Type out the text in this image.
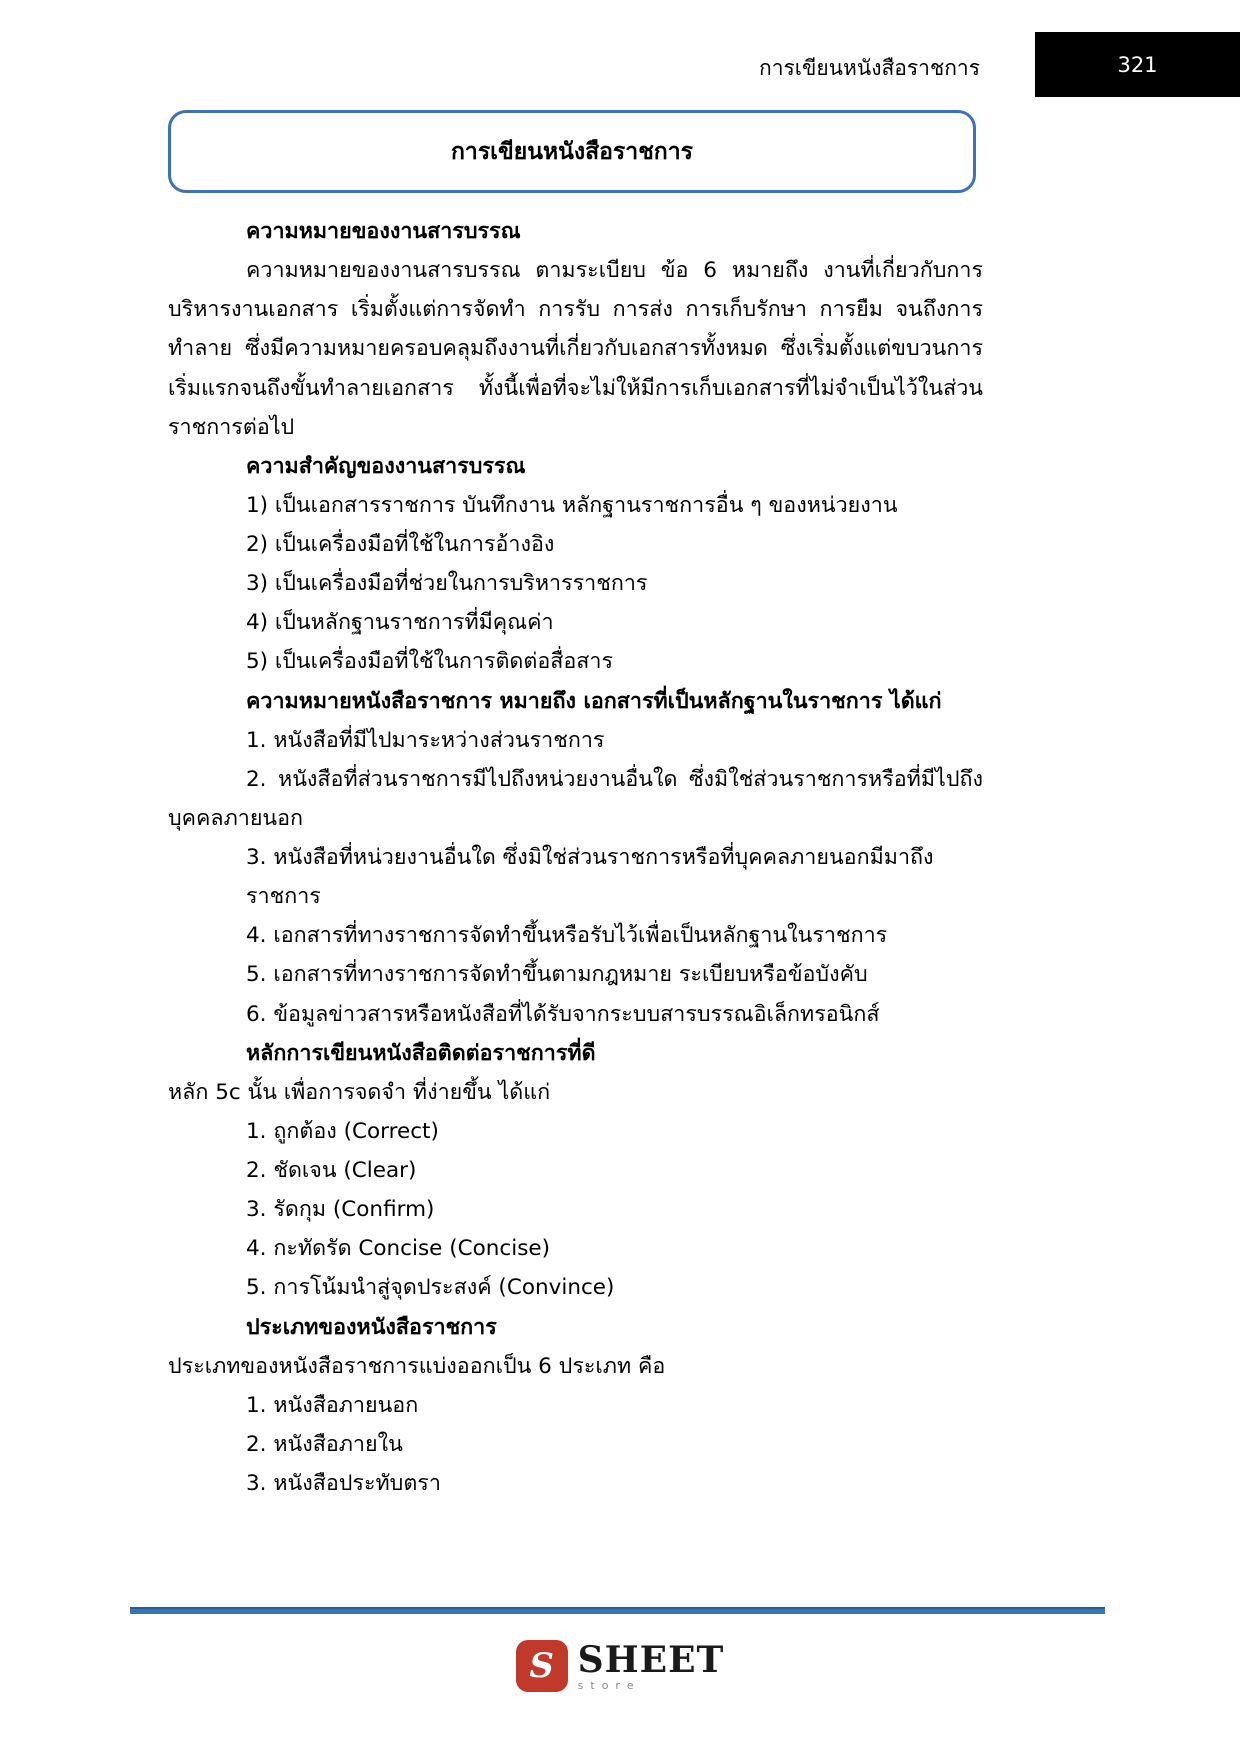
การเขียนหนังสือราชการ	321
การเขียนหนังสือราชการ

ความหมายของงานสารบรรณ

ความหมายของงานสารบรรณ ตามระเบียบ ข้อ 6 หมายถึง งานที่เกี่ยวกับการบริหารงานเอกสาร เริ่มตั้งแต่การจัดทำ การรับ การส่ง การเก็บรักษา การยืม จนถึงการทำลาย ซึ่งมีความหมายครอบคลุมถึงงานที่เกี่ยวกับเอกสารทั้งหมด ซึ่งเริ่มตั้งแต่ขบวนการเริ่มแรกจนถึงขั้นทำลายเอกสาร ทั้งนี้เพื่อที่จะไม่ให้มีการเก็บเอกสารที่ไม่จำเป็นไว้ในส่วนราชการต่อไป

ความสำคัญของงานสารบรรณ

1) เป็นเอกสารราชการ บันทึกงาน หลักฐานราชการอื่น ๆ ของหน่วยงาน

2) เป็นเครื่องมือที่ใช้ในการอ้างอิง

3) เป็นเครื่องมือที่ช่วยในการบริหารราชการ

4) เป็นหลักฐานราชการที่มีคุณค่า

5) เป็นเครื่องมือที่ใช้ในการติดต่อสื่อสาร

ความหมายหนังสือราชการ หมายถึง เอกสารที่เป็นหลักฐานในราชการ ได้แก่

1. หนังสือที่มีไปมาระหว่างส่วนราชการ

2. หนังสือที่ส่วนราชการมีไปถึงหน่วยงานอื่นใด ซึ่งมิใช่ส่วนราชการหรือที่มีไปถึงบุคคลภายนอก

3. หนังสือที่หน่วยงานอื่นใด ซึ่งมิใช่ส่วนราชการหรือที่บุคคลภายนอกมีมาถึงราชการ

4. เอกสารที่ทางราชการจัดทำขึ้นหรือรับไว้เพื่อเป็นหลักฐานในราชการ

5. เอกสารที่ทางราชการจัดทำขึ้นตามกฎหมาย ระเบียบหรือข้อบังคับ

6. ข้อมูลข่าวสารหรือหนังสือที่ได้รับจากระบบสารบรรณอิเล็กทรอนิกส์

หลักการเขียนหนังสือติดต่อราชการที่ดี

หลัก 5c นั้น เพื่อการจดจำ ที่ง่ายขึ้น ได้แก่

1. ถูกต้อง (Correct)

2. ชัดเจน (Clear)

3. รัดกุม (Confirm)

4. กะทัดรัด Concise (Concise)

5. การโน้มนำสู่จุดประสงค์ (Convince)

ประเภทของหนังสือราชการ

ประเภทของหนังสือราชการแบ่งออกเป็น 6 ประเภท คือ

1. หนังสือภายนอก

2. หนังสือภายใน

3. หนังสือประทับตรา

S SHEET
store
